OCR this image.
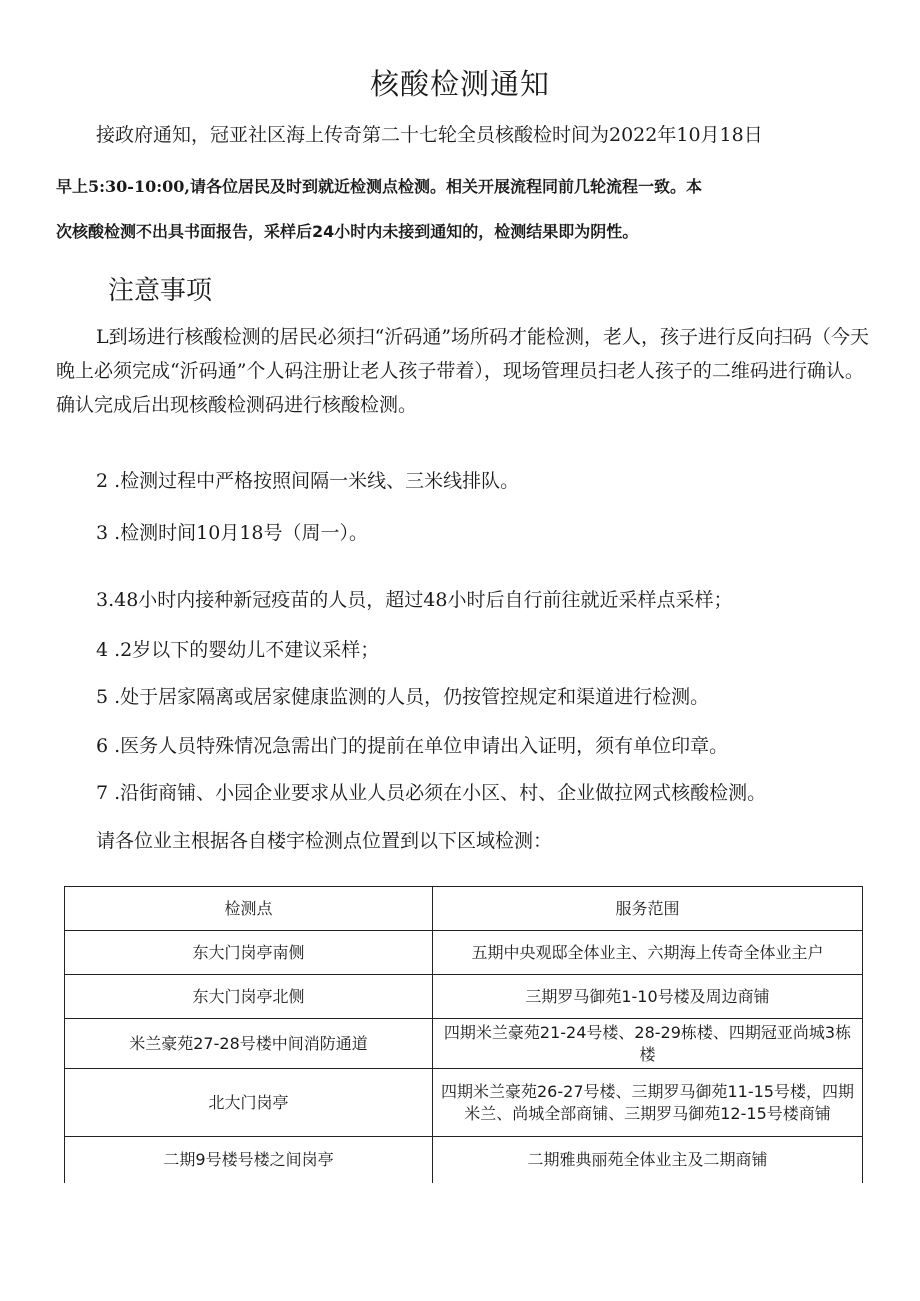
核酸检测通知
接政府通知，冠亚社区海上传奇第二十七轮全员核酸检时间为2022年10月18日
早上5:30-10:00,请各位居民及时到就近检测点检测。相关开展流程同前几轮流程一致。本
次核酸检测不出具书面报告，采样后24小时内未接到通知的，检测结果即为阴性。
注意事项
L到场进行核酸检测的居民必须扫“沂码通”场所码才能检测，老人，孩子进行反向扫码（今天晚上必须完成“沂码通”个人码注册让老人孩子带着），现场管理员扫老人孩子的二维码进行确认。确认完成后出现核酸检测码进行核酸检测。
2 .检测过程中严格按照间隔一米线、三米线排队。
3 .检测时间10月18号（周一）。
3.48小时内接种新冠疫苗的人员，超过48小时后自行前往就近采样点采样；
4 .2岁以下的婴幼儿不建议采样；
5 .处于居家隔离或居家健康监测的人员，仍按管控规定和渠道进行检测。
6 .医务人员特殊情况急需出门的提前在单位申请出入证明，须有单位印章。
7 .沿街商铺、小园企业要求从业人员必须在小区、村、企业做拉网式核酸检测。
请各位业主根据各自楼宇检测点位置到以下区域检测：
检测点	服务范围
东大门岗亭南侧	五期中央观邸全体业主、六期海上传奇全体业主户
东大门岗亭北侧	三期罗马御苑1-10号楼及周边商铺
米兰豪苑27-28号楼中间消防通道	四期米兰豪苑21-24号楼、28-29栋楼、四期冠亚尚城3栋楼
北大门岗亭	四期米兰豪苑26-27号楼、三期罗马御苑11-15号楼，四期米兰、尚城全部商铺、三期罗马御苑12-15号楼商铺
二期9号楼号楼之间岗亭	二期雅典丽苑全体业主及二期商铺
